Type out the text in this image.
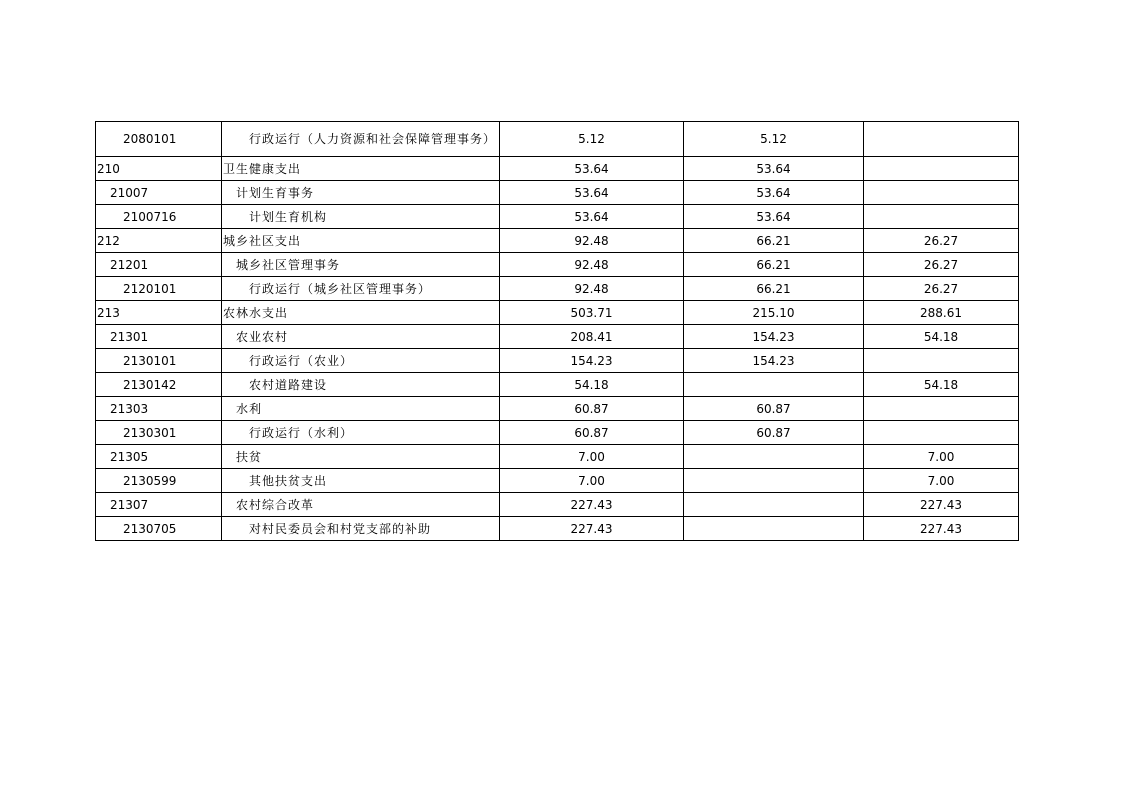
2080101	行政运行（人力资源和社会保障管理事务）	5.12	5.12	
210	卫生健康支出	53.64	53.64	
21007	计划生育事务	53.64	53.64	
2100716	计划生育机构	53.64	53.64	
212	城乡社区支出	92.48	66.21	26.27
21201	城乡社区管理事务	92.48	66.21	26.27
2120101	行政运行（城乡社区管理事务）	92.48	66.21	26.27
213	农林水支出	503.71	215.10	288.61
21301	农业农村	208.41	154.23	54.18
2130101	行政运行（农业）	154.23	154.23	
2130142	农村道路建设	54.18		54.18
21303	水利	60.87	60.87	
2130301	行政运行（水利）	60.87	60.87	
21305	扶贫	7.00		7.00
2130599	其他扶贫支出	7.00		7.00
21307	农村综合改革	227.43		227.43
2130705	对村民委员会和村党支部的补助	227.43		227.43
